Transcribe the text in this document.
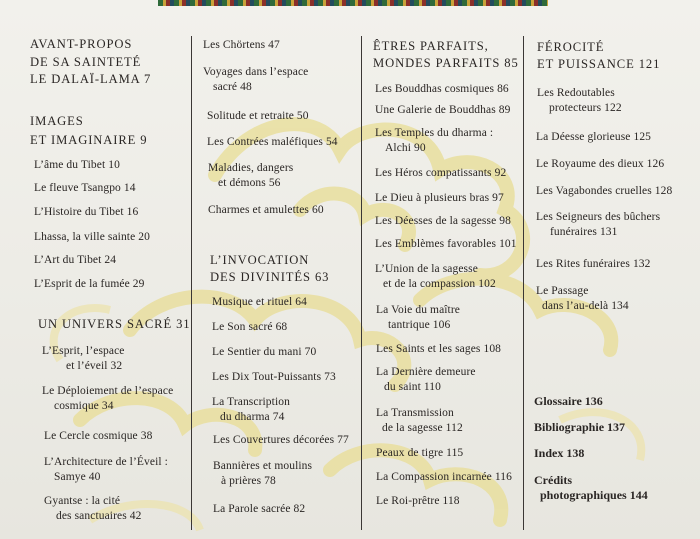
AVANT-PROPOS
DE SA SAINTETÉ
LE DALAÏ-LAMA 7
IMAGES
ET IMAGINAIRE 9
L’âme du Tibet 10
Le fleuve Tsangpo 14
L’Histoire du Tibet 16
Lhassa, la ville sainte 20
L’Art du Tibet 24
L’Esprit de la fumée 29
UN UNIVERS SACRÉ 31
L’Esprit, l’espace
et l’éveil 32
Le Déploiement de l’espace
cosmique 34
Le Cercle cosmique 38
L’Architecture de l’Éveil :
Samye 40
Gyantse : la cité
des sanctuaires 42
Les Chörtens 47
Voyages dans l’espace
sacré 48
Solitude et retraite 50
Les Contrées maléfiques 54
Maladies, dangers
et démons 56
Charmes et amulettes 60
L’INVOCATION
DES DIVINITÉS 63
Musique et rituel 64
Le Son sacré 68
Le Sentier du mani 70
Les Dix Tout-Puissants 73
La Transcription
du dharma 74
Les Couvertures décorées 77
Bannières et moulins
à prières 78
La Parole sacrée 82
ÊTRES PARFAITS,
MONDES PARFAITS 85
Les Bouddhas cosmiques 86
Une Galerie de Bouddhas 89
Les Temples du dharma :
Alchi 90
Les Héros compatissants 92
Le Dieu à plusieurs bras 97
Les Déesses de la sagesse 98
Les Emblèmes favorables 101
L’Union de la sagesse
et de la compassion 102
La Voie du maître
tantrique 106
Les Saints et les sages 108
La Dernière demeure
du saint 110
La Transmission
de la sagesse 112
Peaux de tigre 115
La Compassion incarnée 116
Le Roi-prêtre 118
FÉROCITÉ
ET PUISSANCE 121
Les Redoutables
protecteurs 122
La Déesse glorieuse 125
Le Royaume des dieux 126
Les Vagabondes cruelles 128
Les Seigneurs des bûchers
funéraires 131
Les Rites funéraires 132
Le Passage
dans l’au-delà 134
Glossaire 136
Bibliographie 137
Index 138
Crédits
photographiques 144
